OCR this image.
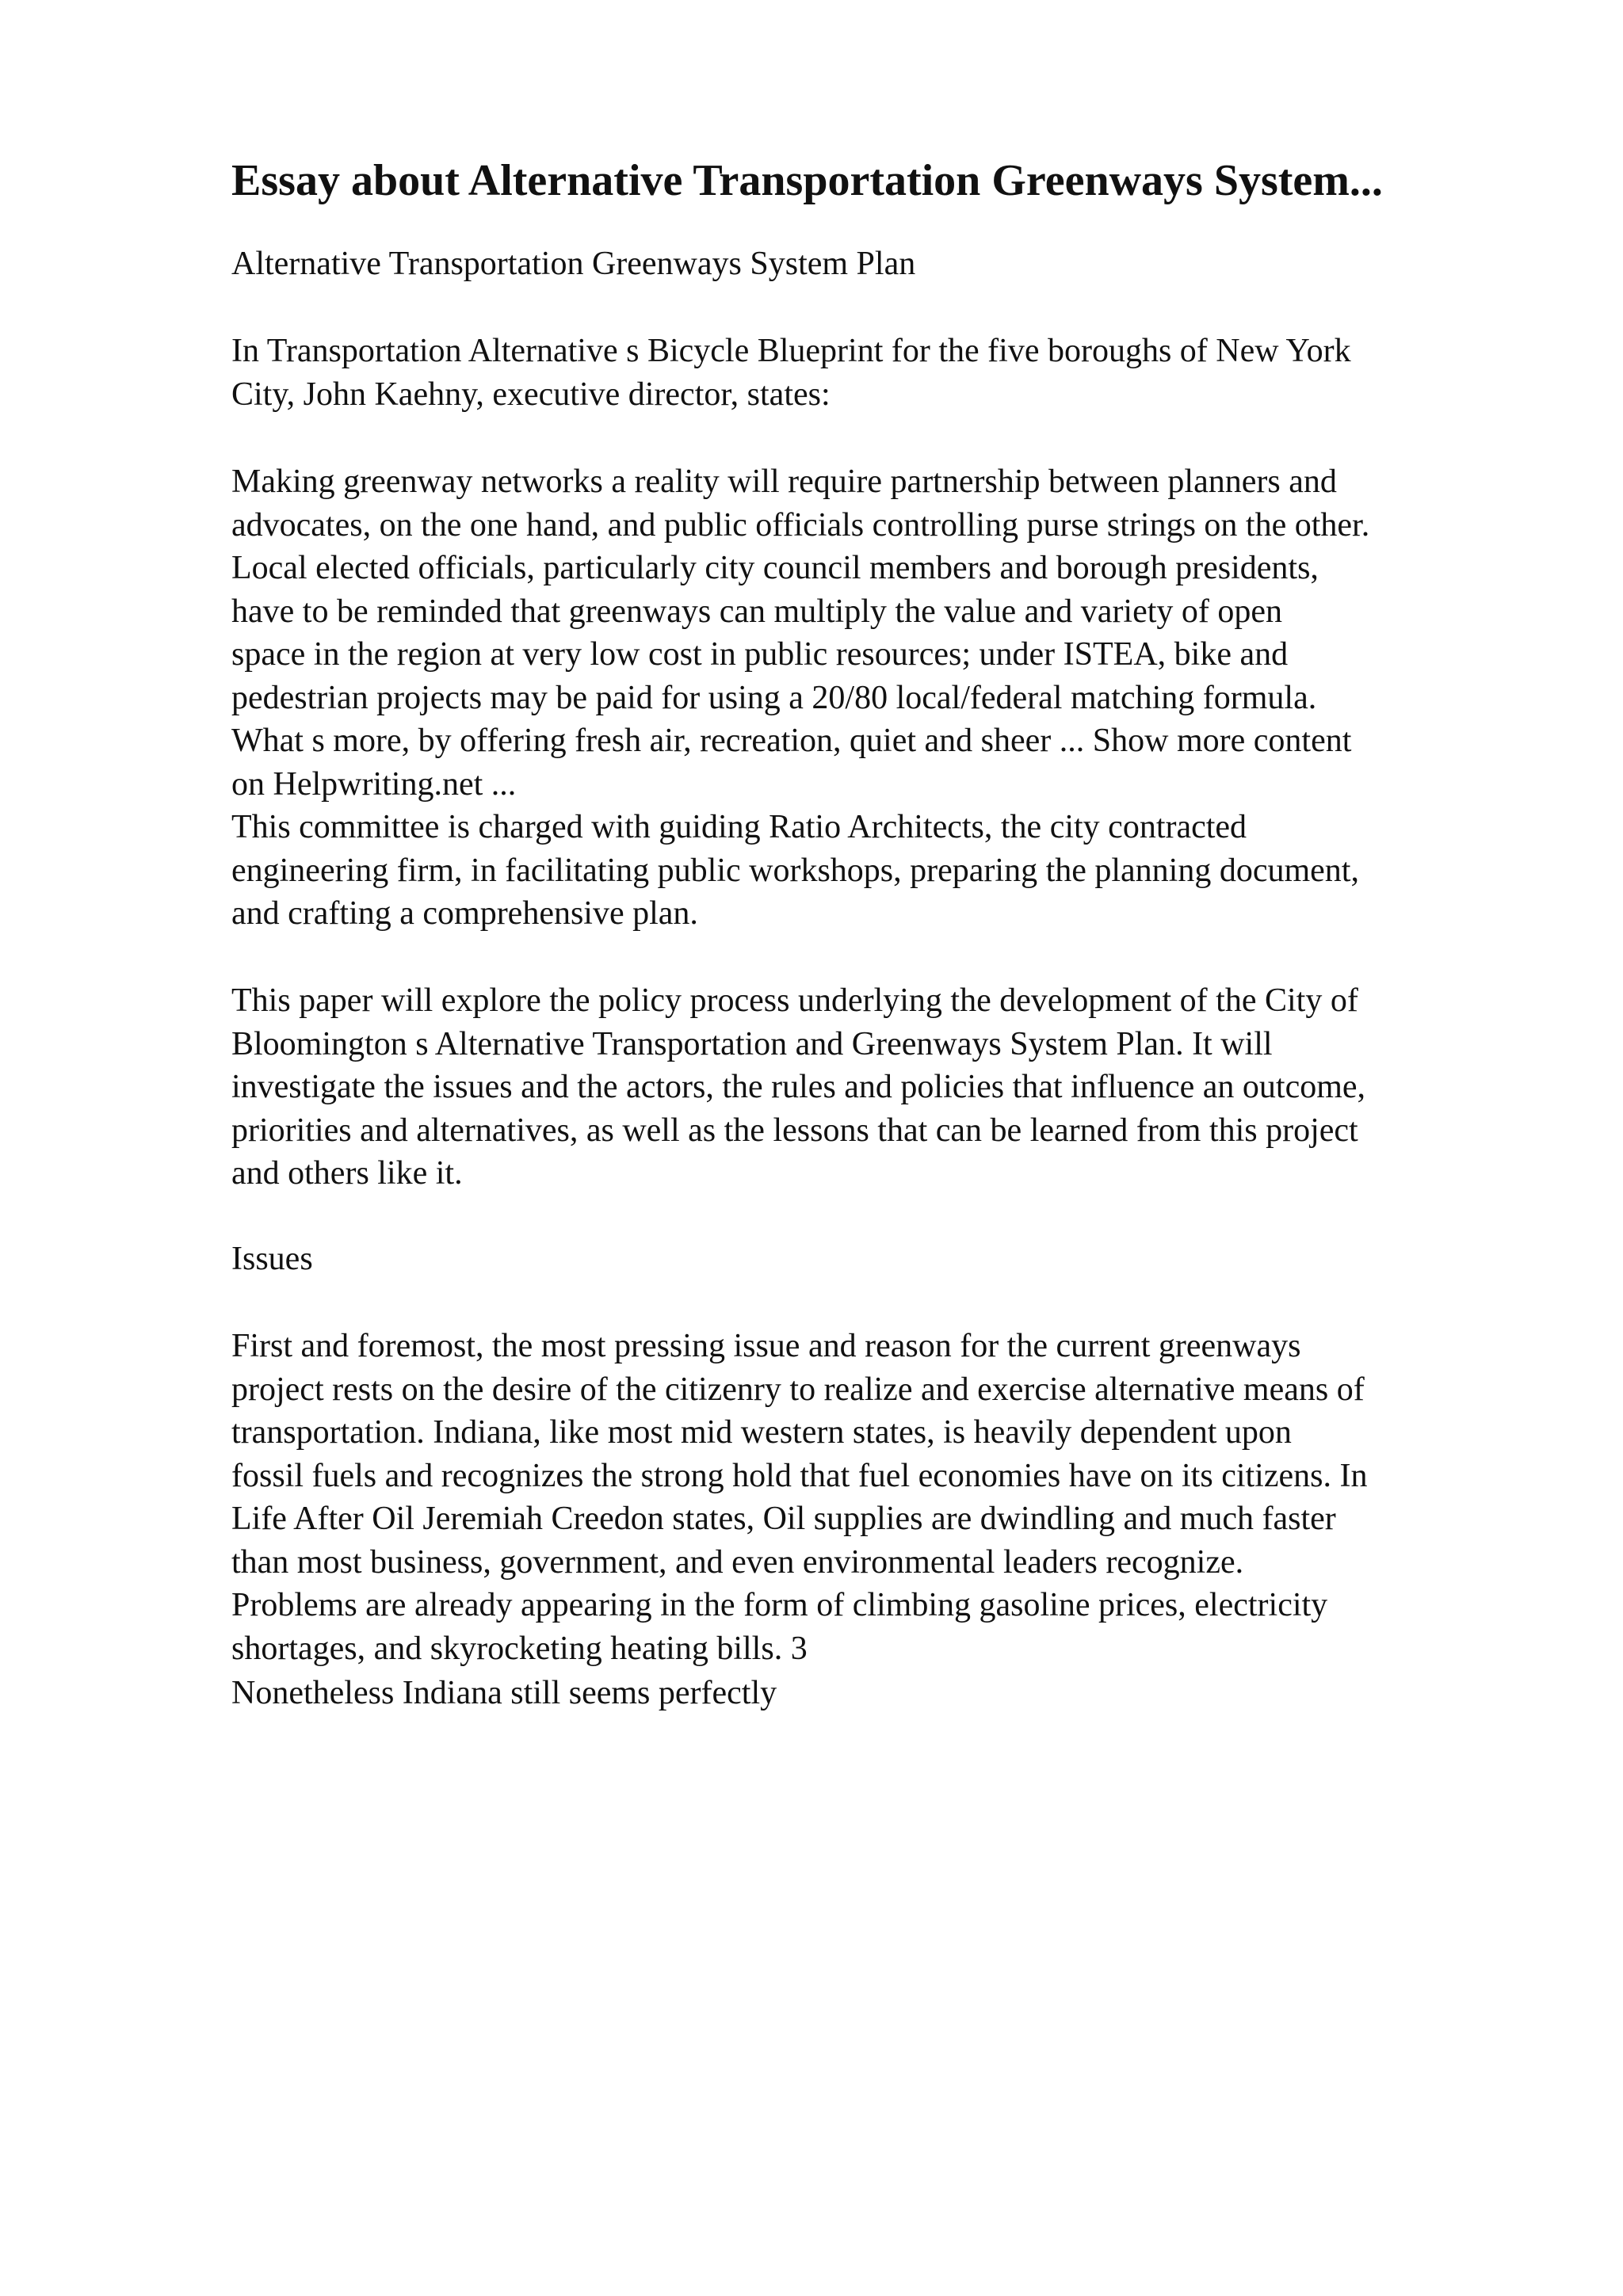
Essay about Alternative Transportation Greenways System...

Alternative Transportation Greenways System Plan

In Transportation Alternative s Bicycle Blueprint for the five boroughs of New York
City, John Kaehny, executive director, states:

Making greenway networks a reality will require partnership between planners and
advocates, on the one hand, and public officials controlling purse strings on the other.
Local elected officials, particularly city council members and borough presidents,
have to be reminded that greenways can multiply the value and variety of open
space in the region at very low cost in public resources; under ISTEA, bike and
pedestrian projects may be paid for using a 20/80 local/federal matching formula.
What s more, by offering fresh air, recreation, quiet and sheer ... Show more content
on Helpwriting.net ...
This committee is charged with guiding Ratio Architects, the city contracted
engineering firm, in facilitating public workshops, preparing the planning document,
and crafting a comprehensive plan.

This paper will explore the policy process underlying the development of the City of
Bloomington s Alternative Transportation and Greenways System Plan. It will
investigate the issues and the actors, the rules and policies that influence an outcome,
priorities and alternatives, as well as the lessons that can be learned from this project
and others like it.

Issues

First and foremost, the most pressing issue and reason for the current greenways
project rests on the desire of the citizenry to realize and exercise alternative means of
transportation. Indiana, like most mid western states, is heavily dependent upon
fossil fuels and recognizes the strong hold that fuel economies have on its citizens. In
Life After Oil Jeremiah Creedon states, Oil supplies are dwindling and much faster
than most business, government, and even environmental leaders recognize.
Problems are already appearing in the form of climbing gasoline prices, electricity
shortages, and skyrocketing heating bills. 3

Nonetheless Indiana still seems perfectly
